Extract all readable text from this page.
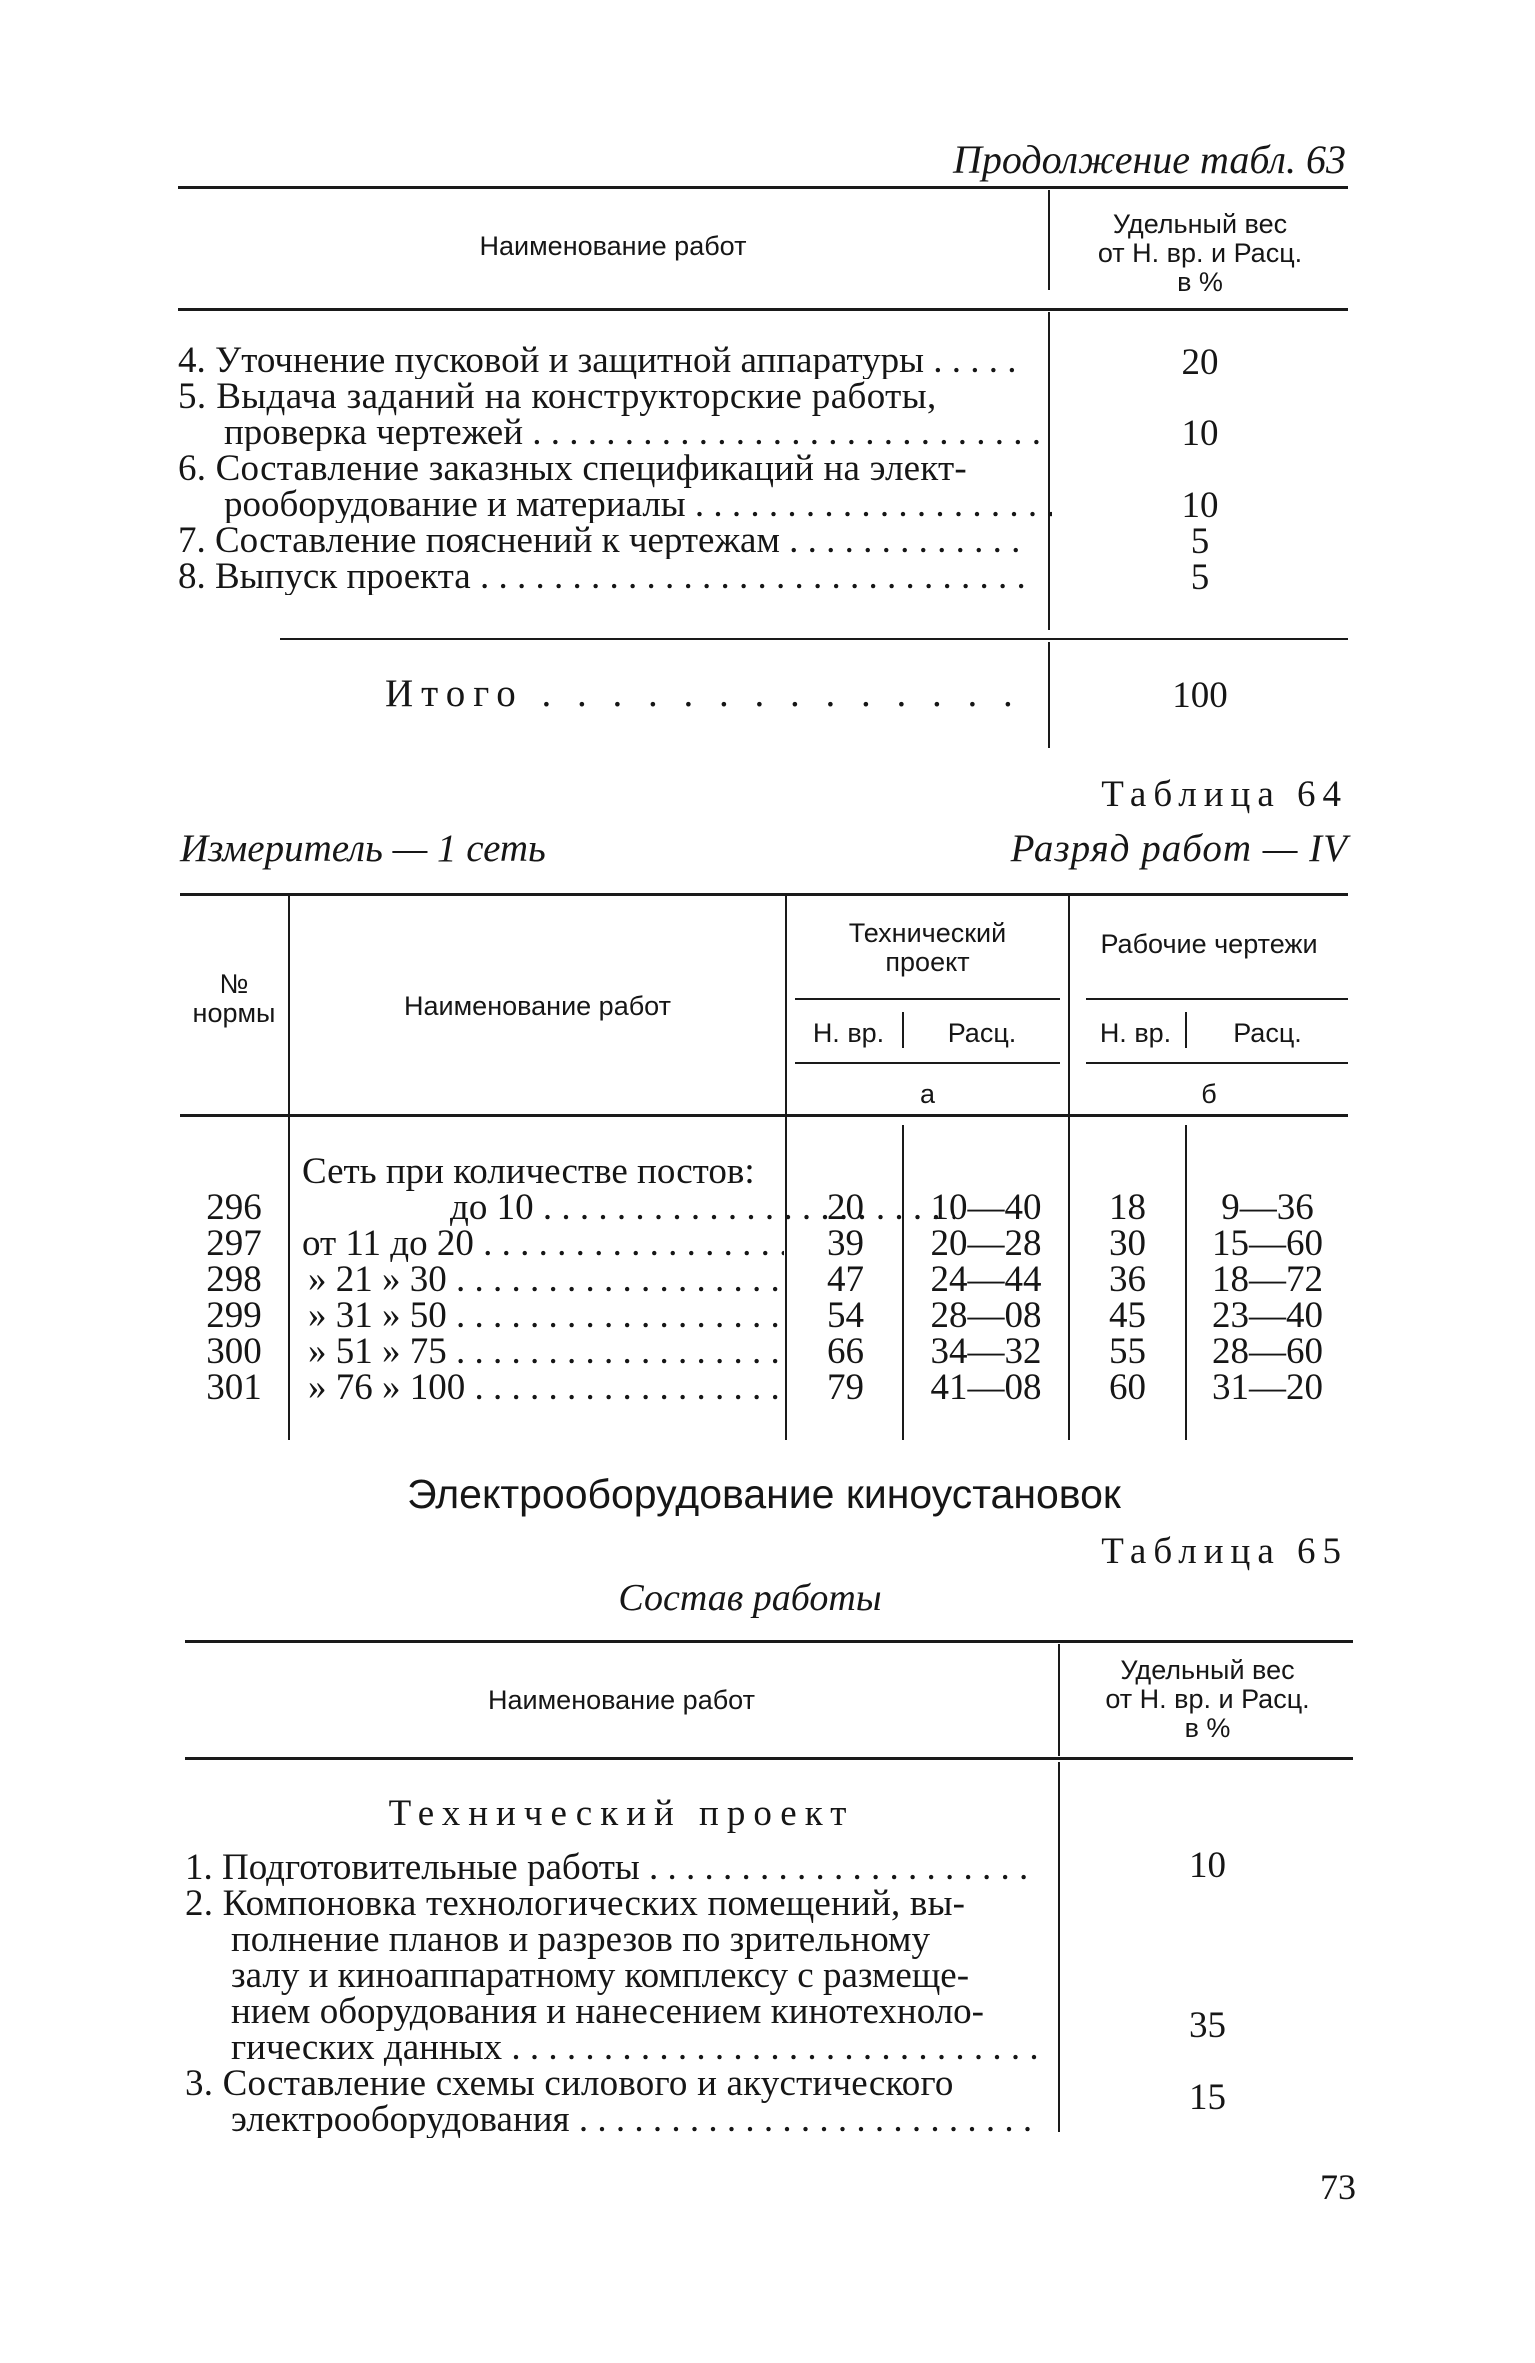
Продолжение табл. 63
Наименование работ
Удельный вес
от Н. вр. и Расц.
в %
4. Уточнение пусковой и защитной аппаратуры . . .	20
5. Выдача заданий на конструкторские работы,
проверка чертежей . . .	10
6. Составление заказных спецификаций на элект-
рооборудование и материалы . . .	10
7. Составление пояснений к чертежам . . .	5
8. Выпуск проекта . . .	5
Итого . . .	100
Таблица 64
Измеритель — 1 сеть	Разряд работ — IV
№
нормы	Наименование работ
Технический
проект
Рабочие чертежи
Н. вр.	Расц.	Н. вр.	Расц.
а	б
Сеть при количестве постов:
296	до 10 . . .	20	10—40	18	9—36
297	от 11 до 20 . . .	39	20—28	30	15—60
298	» 21 » 30 . . .	47	24—44	36	18—72
299	» 31 » 50 . . .	54	28—08	45	23—40
300	» 51 » 75 . . .	66	34—32	55	28—60
301	» 76 » 100 . . .	79	41—08	60	31—20
Электрооборудование киноустановок
Таблица 65
Состав работы
Наименование работ
Удельный вес
от Н. вр. и Расц.
в %
Технический проект
1. Подготовительные работы . . .	10
2. Компоновка технологических помещений, вы-
полнение планов и разрезов по зрительному
залу и киноаппаратному комплексу с размеще-
нием оборудования и нанесением кинотехноло-
гических данных . . .
35
3. Составление схемы силового и акустического
электрооборудования . . .
15
73
